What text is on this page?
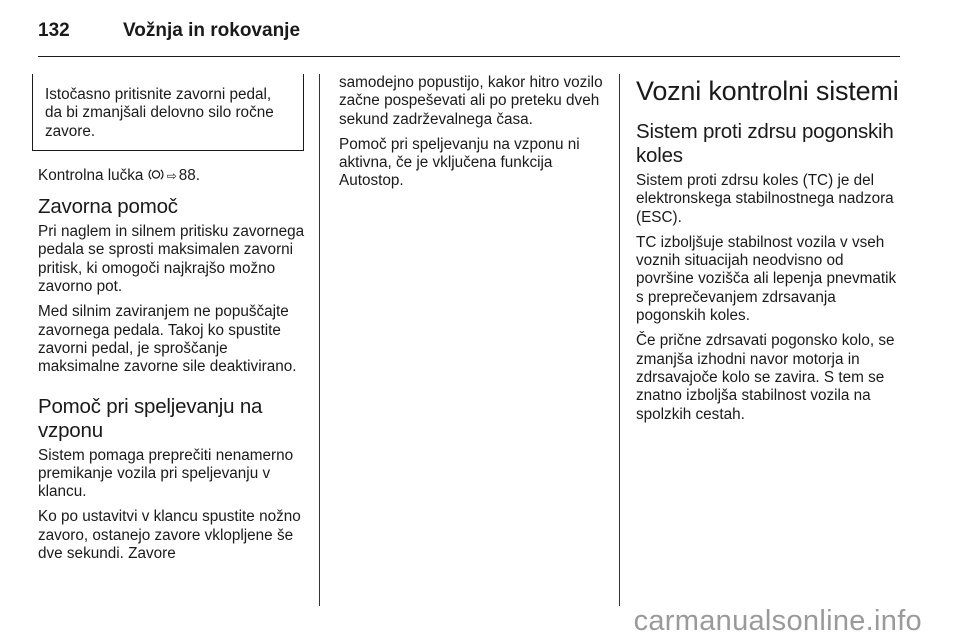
132	Vožnja in rokovanje

Istočasno pritisnite zavorni pedal, da bi zmanjšali delovno silo ročne zavore.

Kontrolna lučka ⇨ 88.

Zavorna pomoč

Pri naglem in silnem pritisku zavornega pedala se sprosti maksimalen zavorni pritisk, ki omogoči najkrajšo možno zavorno pot.

Med silnim zaviranjem ne popuščajte zavornega pedala. Takoj ko spustite zavorni pedal, je sproščanje maksimalne zavorne sile deaktivirano.

Pomoč pri speljevanju na vzponu

Sistem pomaga preprečiti nenamerno premikanje vozila pri speljevanju v klancu.

Ko po ustavitvi v klancu spustite nožno zavoro, ostanejo zavore vklopljene še dve sekundi. Zavore

samodejno popustijo, kakor hitro vozilo začne pospeševati ali po preteku dveh sekund zadrževalnega časa.

Pomoč pri speljevanju na vzponu ni aktivna, če je vključena funkcija Autostop.

Vozni kontrolni sistemi
Sistem proti zdrsu pogonskih koles

Sistem proti zdrsu koles (TC) je del elektronskega stabilnostnega nadzora (ESC).

TC izboljšuje stabilnost vozila v vseh voznih situacijah neodvisno od površine vozišča ali lepenja pnevmatik s preprečevanjem zdrsavanja pogonskih koles.

Če prične zdrsavati pogonsko kolo, se zmanjša izhodni navor motorja in zdrsavajoče kolo se zavira. S tem se znatno izboljša stabilnost vozila na spolzkih cestah.

carmanualsonline.info
